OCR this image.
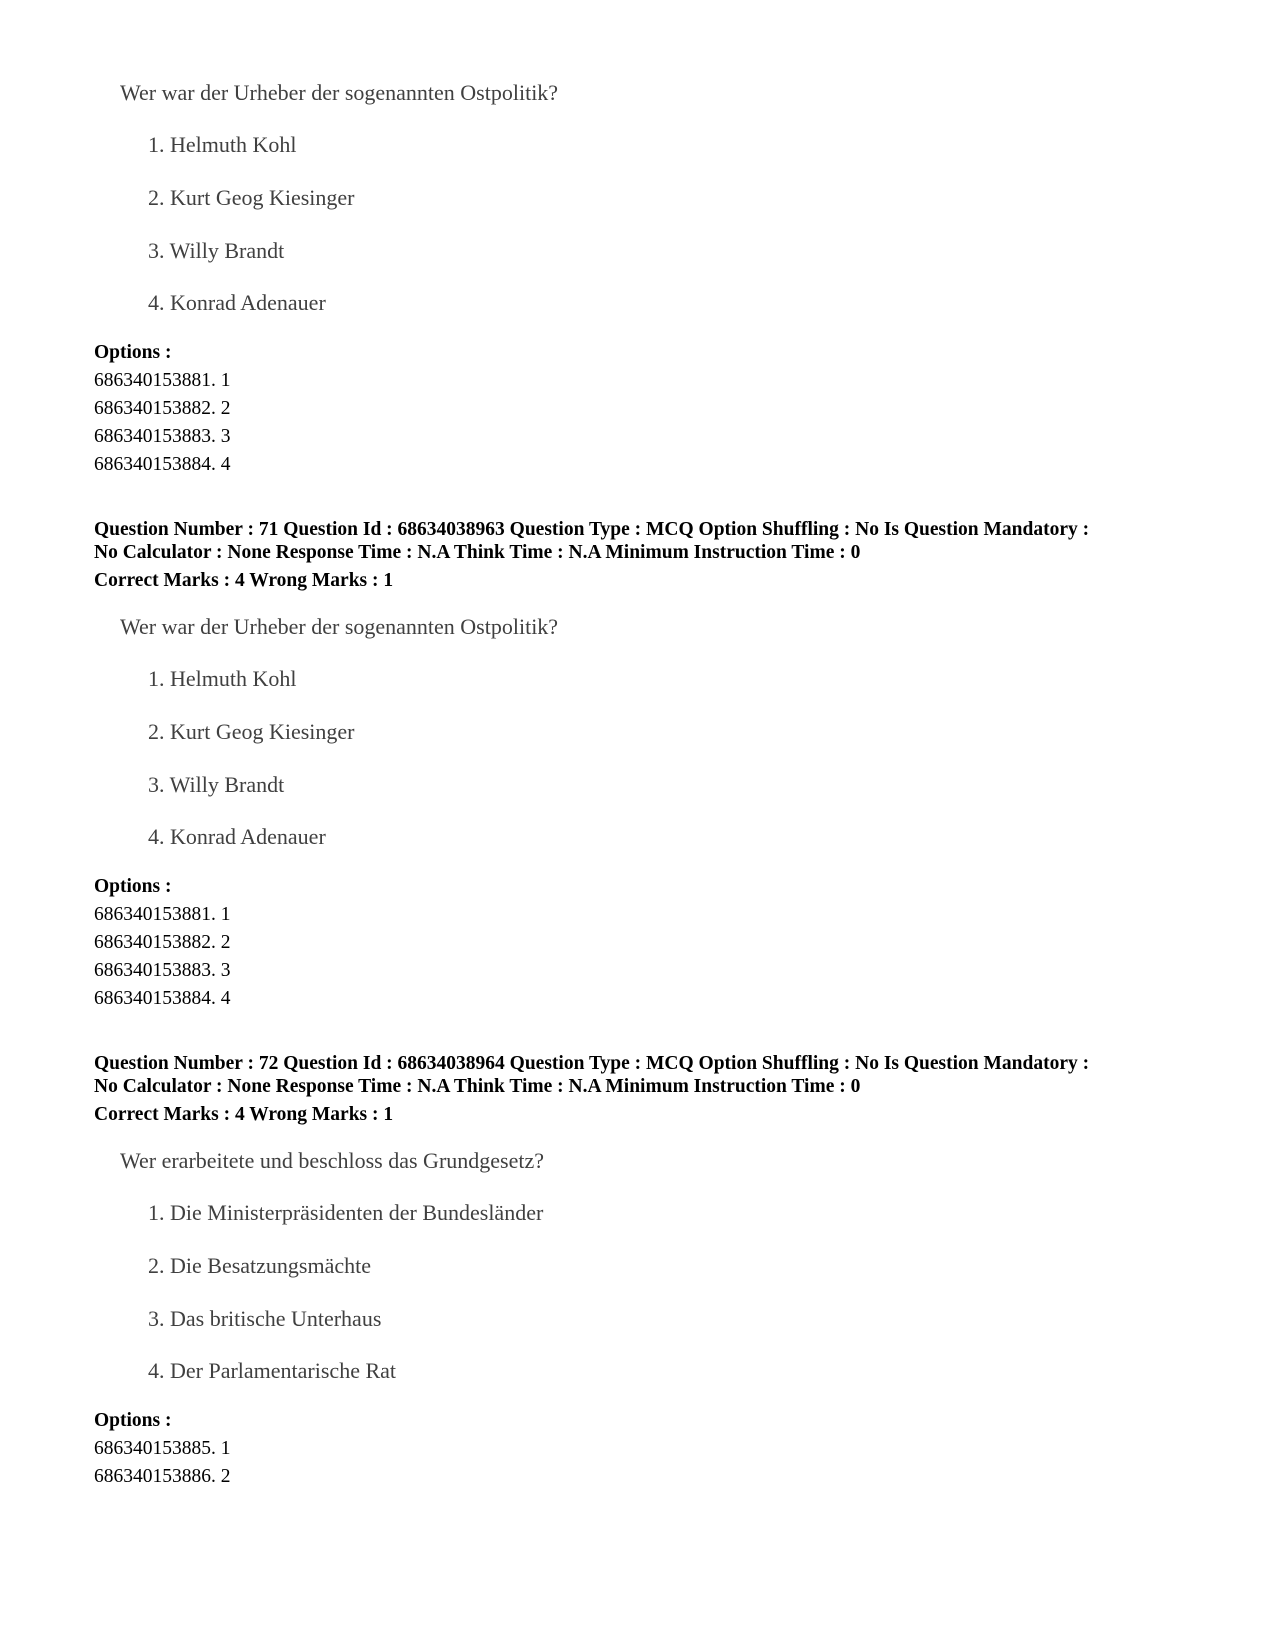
Wer war der Urheber der sogenannten Ostpolitik?
1. Helmuth Kohl
2. Kurt Geog Kiesinger
3. Willy Brandt
4. Konrad Adenauer
Options :
686340153881. 1
686340153882. 2
686340153883. 3
686340153884. 4
Question Number : 71 Question Id : 68634038963 Question Type : MCQ Option Shuffling : No Is Question Mandatory :
No Calculator : None Response Time : N.A Think Time : N.A Minimum Instruction Time : 0
Correct Marks : 4 Wrong Marks : 1
Wer war der Urheber der sogenannten Ostpolitik?
1. Helmuth Kohl
2. Kurt Geog Kiesinger
3. Willy Brandt
4. Konrad Adenauer
Options :
686340153881. 1
686340153882. 2
686340153883. 3
686340153884. 4
Question Number : 72 Question Id : 68634038964 Question Type : MCQ Option Shuffling : No Is Question Mandatory :
No Calculator : None Response Time : N.A Think Time : N.A Minimum Instruction Time : 0
Correct Marks : 4 Wrong Marks : 1
Wer erarbeitete und beschloss das Grundgesetz?
1. Die Ministerpräsidenten der Bundesländer
2. Die Besatzungsmächte
3. Das britische Unterhaus
4. Der Parlamentarische Rat
Options :
686340153885. 1
686340153886. 2
